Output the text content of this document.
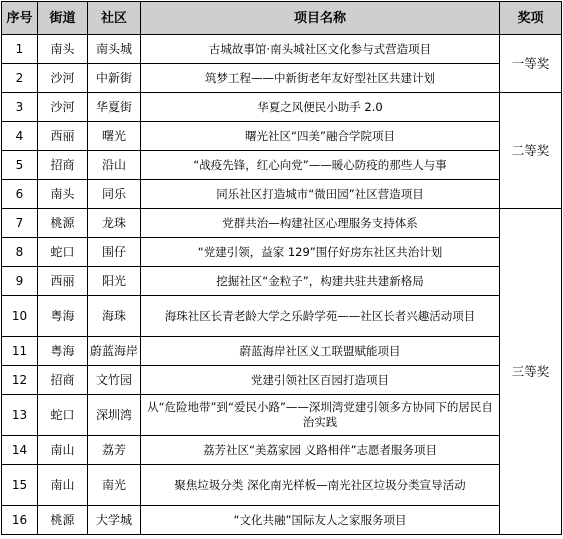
序号	街道	社区	项目名称	奖项
1	南头	南头城	古城故事馆·南头城社区文化参与式营造项目	一等奖
2	沙河	中新街	筑梦工程——中新街老年友好型社区共建计划	
3	沙河	华夏街	华夏之风便民小助手 2.0	二等奖
4	西丽	曙光	曙光社区“四美”融合学院项目	
5	招商	沿山	“战疫先锋，红心向党”——暖心防疫的那些人与事	
6	南头	同乐	同乐社区打造城市“微田园”社区营造项目	
7	桃源	龙珠	党群共治—构建社区心理服务支持体系	三等奖
8	蛇口	围仔	“党建引领，益家 129”围仔好房东社区共治计划	
9	西丽	阳光	挖掘社区“金粒子”，构建共驻共建新格局	
10	粤海	海珠	海珠社区长青老龄大学之乐龄学苑——社区长者兴趣活动项目	
11	粤海	蔚蓝海岸	蔚蓝海岸社区义工联盟赋能项目	
12	招商	文竹园	党建引领社区百园打造项目	
13	蛇口	深圳湾	从“危险地带”到“爱民小路”——深圳湾党建引领多方协同下的居民自治实践	
14	南山	荔芳	荔芳社区“美荔家园 义路相伴”志愿者服务项目	
15	南山	南光	聚焦垃圾分类 深化南光样板—南光社区垃圾分类宣导活动	
16	桃源	大学城	“文化共融”国际友人之家服务项目	
